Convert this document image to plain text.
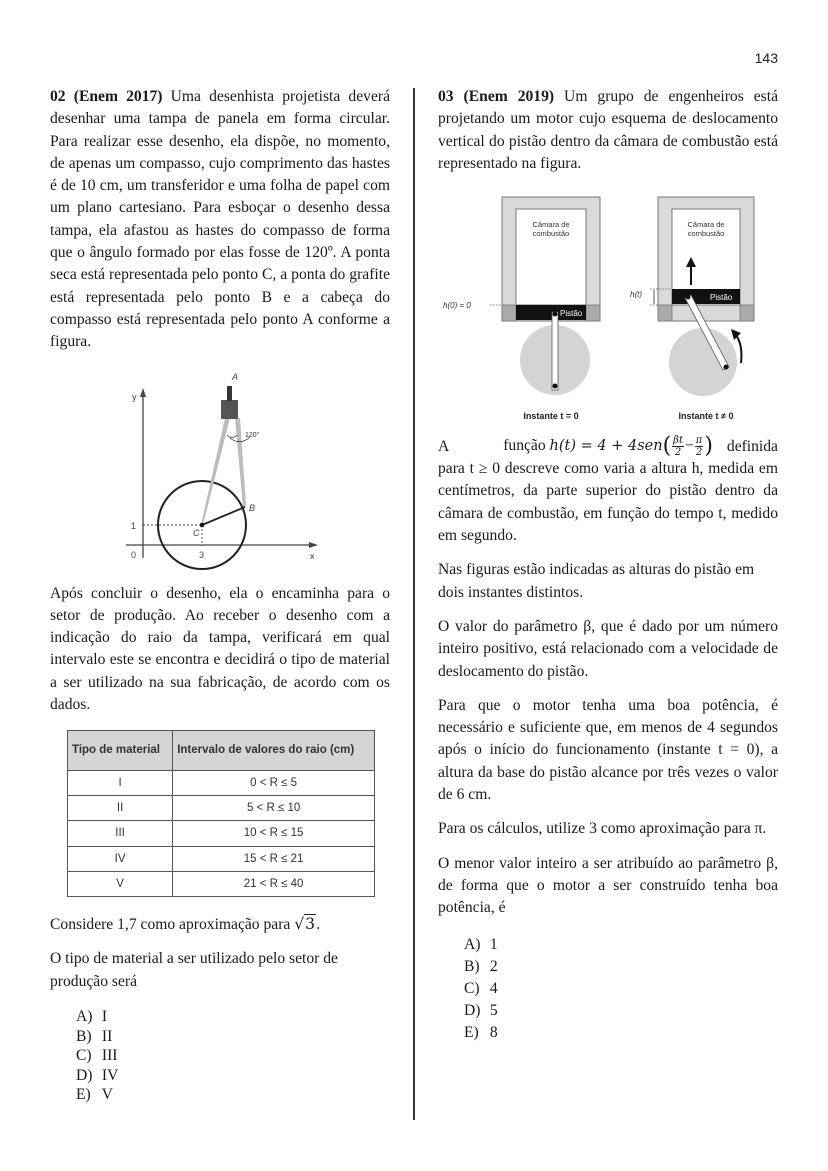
143

02 (Enem 2017) Uma desenhista projetista deverá desenhar uma tampa de panela em forma circular. Para realizar esse desenho, ela dispõe, no momento, de apenas um compasso, cujo comprimento das hastes é de 10 cm, um transferidor e uma folha de papel com um plano cartesiano. Para esboçar o desenho dessa tampa, ela afastou as hastes do compasso de forma que o ângulo formado por elas fosse de 120º. A ponta seca está representada pelo ponto C, a ponta do grafite está representada pelo ponto B e a cabeça do compasso está representada pelo ponto A conforme a figura.

y
x
0
1
3
120°
A
B
C

Após concluir o desenho, ela o encaminha para o setor de produção. Ao receber o desenho com a indicação do raio da tampa, verificará em qual intervalo este se encontra e decidirá o tipo de material a ser utilizado na sua fabricação, de acordo com os dados.

Tipo de material	Intervalo de valores do raio (cm)
I	0 < R ≤ 5
II	5 < R ≤ 10
III	10 < R ≤ 15
IV	15 < R ≤ 21
V	21 < R ≤ 40

Considere 1,7 como aproximação para √3.

O tipo de material a ser utilizado pelo setor de produção será

A) I
B) II
C) III
D) IV
E) V

03 (Enem 2019) Um grupo de engenheiros está projetando um motor cujo esquema de deslocamento vertical do pistão dentro da câmara de combustão está representado na figura.

Câmara de
combustão
Pistão
h(0) = 0
Instante t = 0
Câmara de
combustão
Pistão
h(t)
Instante t ≠ 0

A	função $h(t) = 4 + 4sen( \frac{\beta t}{2} - \frac{\pi}{2}$ ) definida
para t ≥ 0 descreve como varia a altura h, medida em centímetros, da parte superior do pistão dentro da câmara de combustão, em função do tempo t, medido em segundo.

Nas figuras estão indicadas as alturas do pistão em dois instantes distintos.

O valor do parâmetro β, que é dado por um número inteiro positivo, está relacionado com a velocidade de deslocamento do pistão.

Para que o motor tenha uma boa potência, é necessário e suficiente que, em menos de 4 segundos após o início do funcionamento (instante t = 0), a altura da base do pistão alcance por três vezes o valor de 6 cm.

Para os cálculos, utilize 3 como aproximação para π.

O menor valor inteiro a ser atribuído ao parâmetro β, de forma que o motor a ser construído tenha boa potência, é

A) 1
B) 2
C) 4
D) 5
E) 8
